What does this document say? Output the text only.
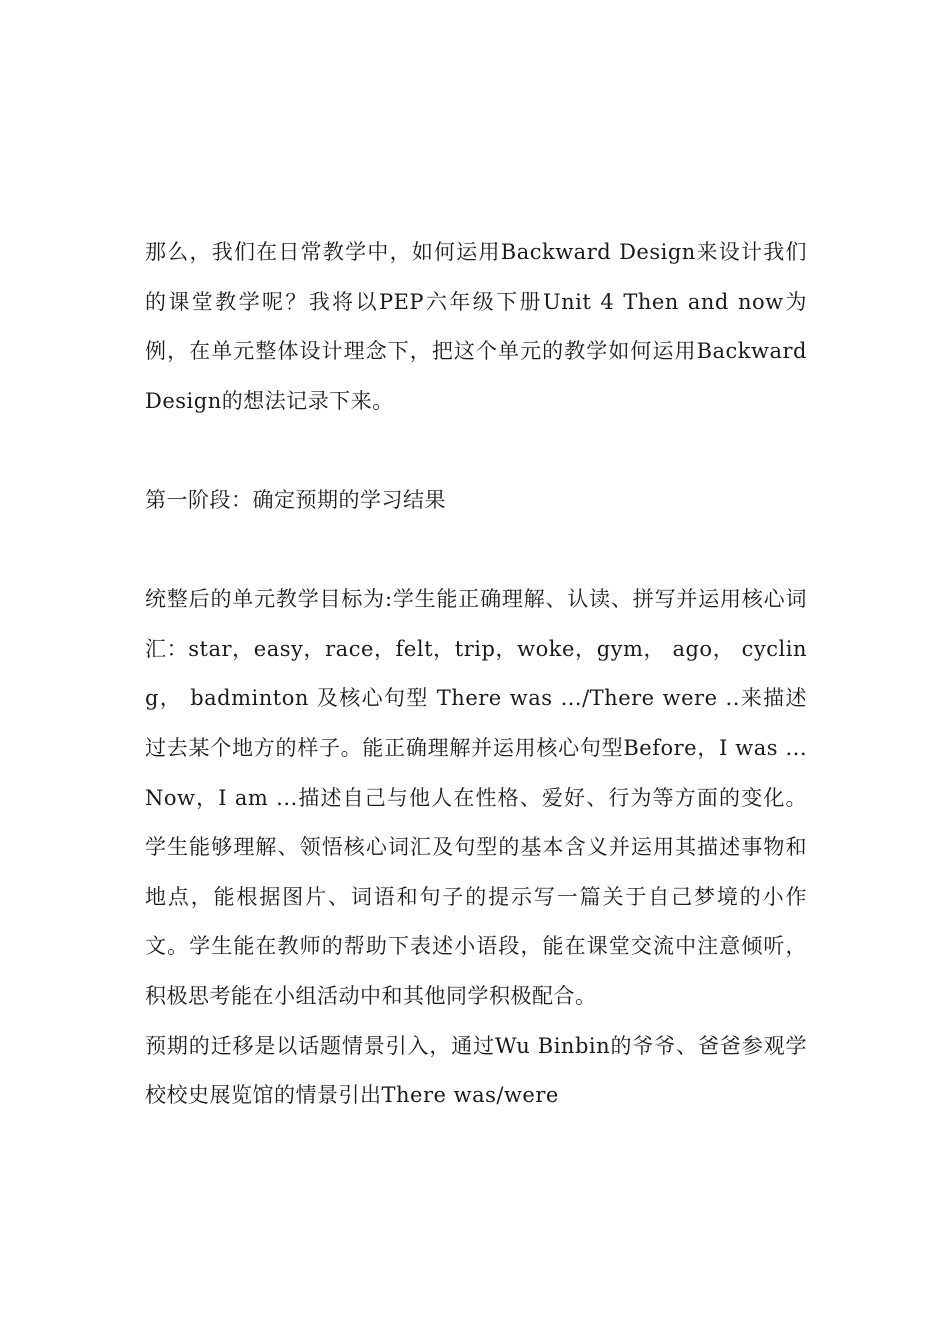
那么，我们在日常教学中，如何运用Backward Design来设计我们的课堂教学呢？我将以PEP六年级下册Unit 4 Then and now为例，在单元整体设计理念下，把这个单元的教学如何运用Backward Design的想法记录下来。

第一阶段：确定预期的学习结果

统整后的单元教学目标为:学生能正确理解、认读、拼写并运用核心词汇：star，easy，race，felt，trip，woke，gym， ago， cycling， badminton 及核心句型 There was .../There were ..来描述过去某个地方的样子。能正确理解并运用核心句型Before，I was ... Now，I am ...描述自己与他人在性格、爱好、行为等方面的变化。学生能够理解、领悟核心词汇及句型的基本含义并运用其描述事物和地点，能根据图片、词语和句子的提示写一篇关于自己梦境的小作文。学生能在教师的帮助下表述小语段，能在课堂交流中注意倾听，积极思考能在小组活动中和其他同学积极配合。

预期的迁移是以话题情景引入，通过Wu Binbin的爷爷、爸爸参观学校校史展览馆的情景引出There was/were
